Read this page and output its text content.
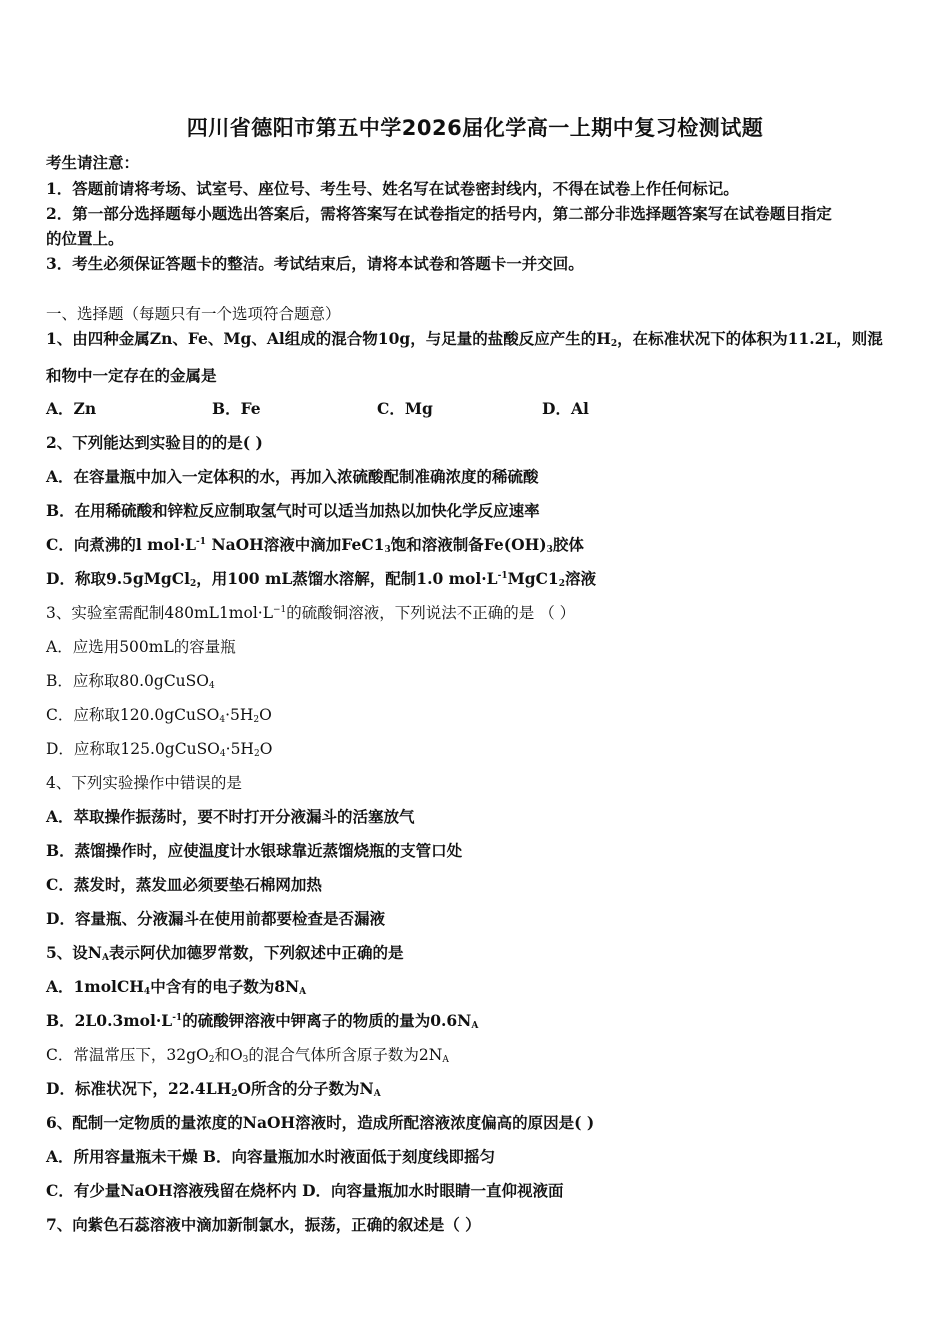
四川省德阳市第五中学2026届化学高一上期中复习检测试题
考生请注意：
1．答题前请将考场、试室号、座位号、考生号、姓名写在试卷密封线内，不得在试卷上作任何标记。
2．第一部分选择题每小题选出答案后，需将答案写在试卷指定的括号内，第二部分非选择题答案写在试卷题目指定
的位置上。
3．考生必须保证答题卡的整洁。考试结束后，请将本试卷和答题卡一并交回。
一、选择题（每题只有一个选项符合题意）
1、由四种金属Zn、Fe、Mg、Al组成的混合物10g，与足量的盐酸反应产生的$H_2$，在标准状况下的体积为11.2L，则混
和物中一定存在的金属是
2、下列能达到实验目的的是( )
A．在容量瓶中加入一定体积的水，再加入浓硫酸配制准确浓度的稀硫酸
B．在用稀硫酸和锌粒反应制取氢气时可以适当加热以加快化学反应速率
C．向煮沸的l $mol\cdot L^{-1}$ NaOH溶液中滴加$FeC1_3$饱和溶液制备$Fe(OH)_3$胶体
D．称取9.5gMgCl$_2$，用100 mL蒸馏水溶解，配制1.0 $mol\cdot L^{-1}MgC1_2$溶液
3、实验室需配制$480mL1mol\cdot L^{-1}$的硫酸铜溶液，下列说法不正确的是 （ ）
A．应选用500mL的容量瓶
B．应称取80.0gCuSO$_4$
C．应称取$120.0gCuSO_4\cdot 5H_2O$
D．应称取$125.0gCuSO_4\cdot 5H_2O$
4、下列实验操作中错误的是
A．萃取操作振荡时，要不时打开分液漏斗的活塞放气
B．蒸馏操作时，应使温度计水银球靠近蒸馏烧瓶的支管口处
C．蒸发时，蒸发皿必须要垫石棉网加热
D．容量瓶、分液漏斗在使用前都要检查是否漏液
5、设$N_A$表示阿伏加德罗常数，下列叙述中正确的是
A．1molCH$_4$中含有的电子数为$8N_A$
B．$2L0.3mol\cdot L^{-1}$的硫酸钾溶液中钾离子的物质的量为$0.6N_A$
C．常温常压下，$32gO_2$和$O_3$的混合气体所含原子数为$2N_A$
D．标准状况下，$22.4LH_2O$所含的分子数为$N_A$
6、配制一定物质的量浓度的NaOH溶液时，造成所配溶液浓度偏高的原因是( )
A．所用容量瓶未干燥 B．向容量瓶加水时液面低于刻度线即摇匀
C．有少量NaOH溶液残留在烧杯内 D．向容量瓶加水时眼睛一直仰视液面
7、向紫色石蕊溶液中滴加新制氯水，振荡，正确的叙述是（ ）
A．Zn	B．Fe	C．Mg	D．Al
